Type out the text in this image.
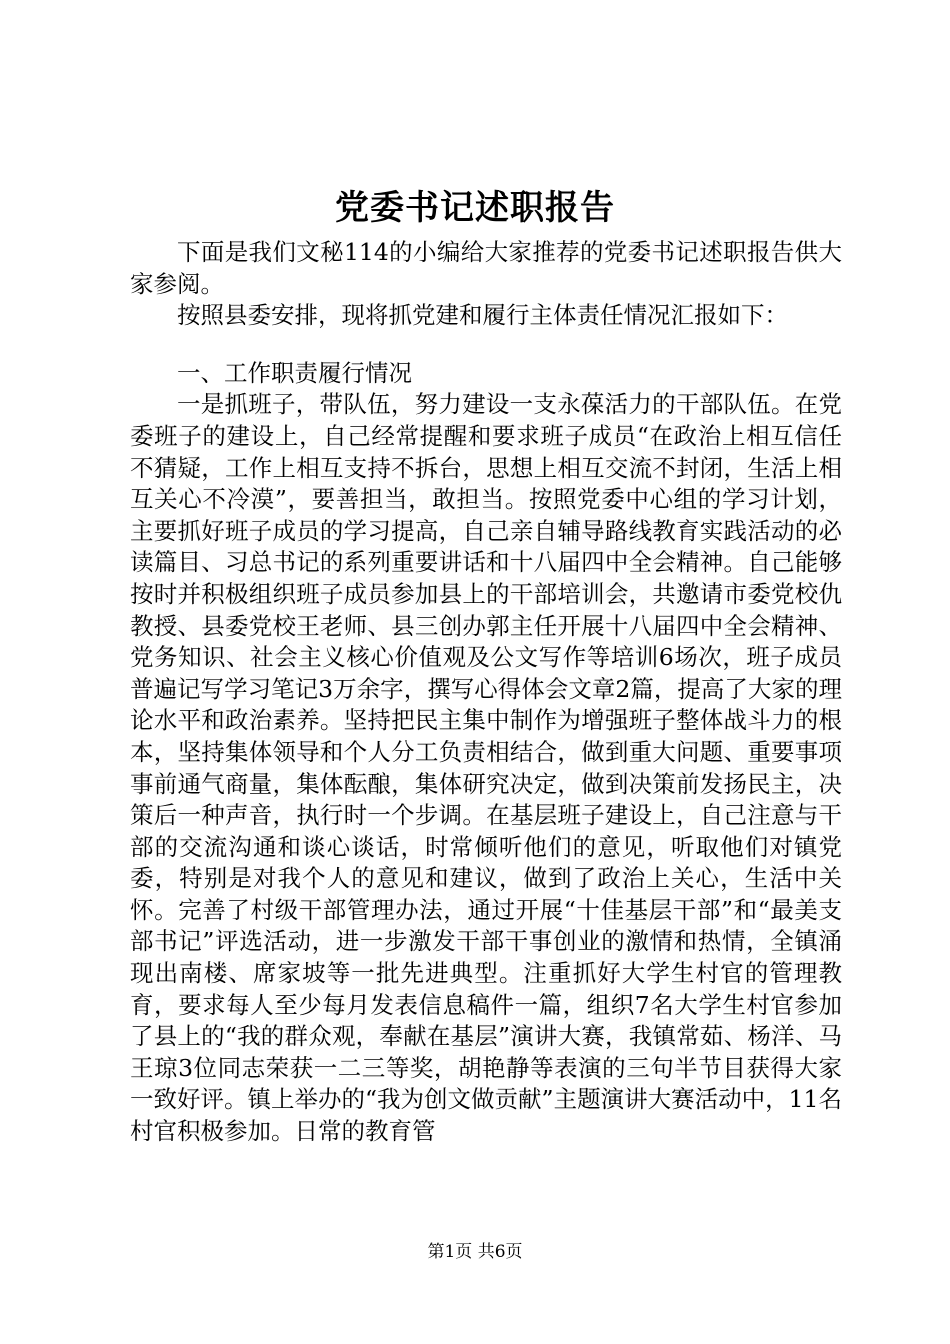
党委书记述职报告

下面是我们文秘114的小编给大家推荐的党委书记述职报告供大家参阅。

按照县委安排，现将抓党建和履行主体责任情况汇报如下：

一、工作职责履行情况

一是抓班子，带队伍，努力建设一支永葆活力的干部队伍。在党委班子的建设上，自己经常提醒和要求班子成员“在政治上相互信任不猜疑，工作上相互支持不拆台，思想上相互交流不封闭，生活上相互关心不冷漠”，要善担当，敢担当。按照党委中心组的学习计划，主要抓好班子成员的学习提高，自己亲自辅导路线教育实践活动的必读篇目、习总书记的系列重要讲话和十八届四中全会精神。自己能够按时并积极组织班子成员参加县上的干部培训会，共邀请市委党校仇教授、县委党校王老师、县三创办郭主任开展十八届四中全会精神、党务知识、社会主义核心价值观及公文写作等培训6场次，班子成员普遍记写学习笔记3万余字，撰写心得体会文章2篇，提高了大家的理论水平和政治素养。坚持把民主集中制作为增强班子整体战斗力的根本，坚持集体领导和个人分工负责相结合，做到重大问题、重要事项事前通气商量，集体酝酿，集体研究决定，做到决策前发扬民主，决策后一种声音，执行时一个步调。在基层班子建设上，自己注意与干部的交流沟通和谈心谈话，时常倾听他们的意见，听取他们对镇党委，特别是对我个人的意见和建议，做到了政治上关心，生活中关怀。完善了村级干部管理办法，通过开展“十佳基层干部”和“最美支部书记”评选活动，进一步激发干部干事创业的激情和热情，全镇涌现出南楼、席家坡等一批先进典型。注重抓好大学生村官的管理教育，要求每人至少每月发表信息稿件一篇，组织7名大学生村官参加了县上的“我的群众观，奉献在基层”演讲大赛，我镇常茹、杨洋、马王琼3位同志荣获一二三等奖，胡艳静等表演的三句半节目获得大家一致好评。镇上举办的“我为创文做贡献”主题演讲大赛活动中，11名村官积极参加。日常的教育管

第1页 共6页
